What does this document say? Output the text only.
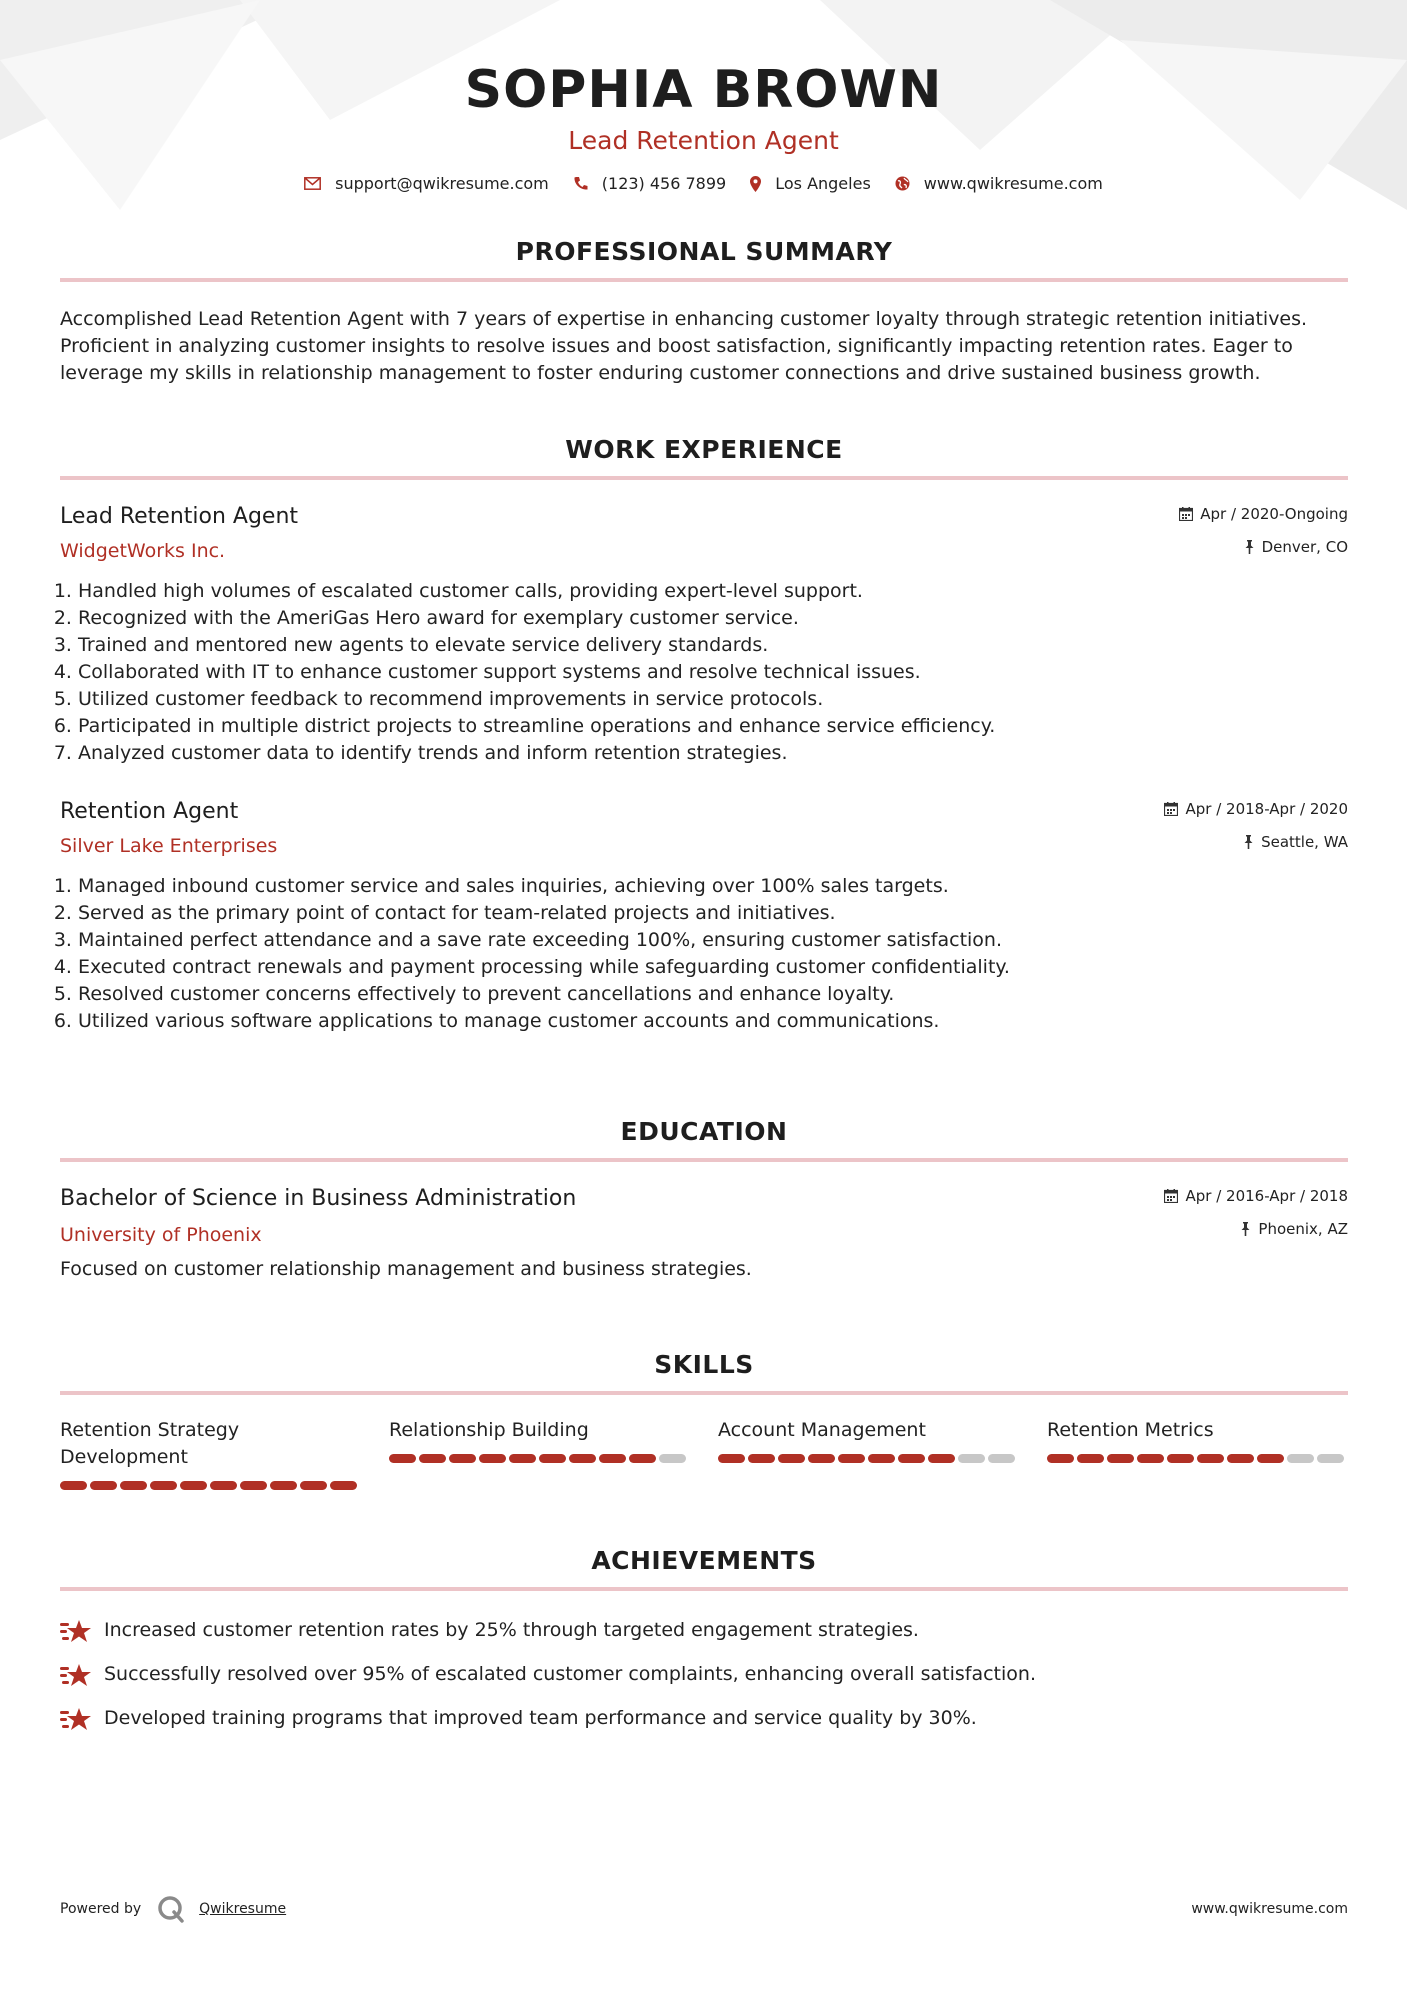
SOPHIA BROWN
Lead Retention Agent
support@qwikresume.com	(123) 456 7899	Los Angeles	www.qwikresume.com
PROFESSIONAL SUMMARY

Accomplished Lead Retention Agent with 7 years of expertise in enhancing customer loyalty through strategic retention initiatives. Proficient in analyzing customer insights to resolve issues and boost satisfaction, significantly impacting retention rates. Eager to leverage my skills in relationship management to foster enduring customer connections and drive sustained business growth.

WORK EXPERIENCE
Lead Retention Agent
WidgetWorks Inc.
Apr / 2020-Ongoing
Denver, CO
1. Handled high volumes of escalated customer calls, providing expert-level support.
2. Recognized with the AmeriGas Hero award for exemplary customer service.
3. Trained and mentored new agents to elevate service delivery standards.
4. Collaborated with IT to enhance customer support systems and resolve technical issues.
5. Utilized customer feedback to recommend improvements in service protocols.
6. Participated in multiple district projects to streamline operations and enhance service efficiency.
7. Analyzed customer data to identify trends and inform retention strategies.
Retention Agent
Silver Lake Enterprises
Apr / 2018-Apr / 2020
Seattle, WA
1. Managed inbound customer service and sales inquiries, achieving over 100% sales targets.
2. Served as the primary point of contact for team-related projects and initiatives.
3. Maintained perfect attendance and a save rate exceeding 100%, ensuring customer satisfaction.
4. Executed contract renewals and payment processing while safeguarding customer confidentiality.
5. Resolved customer concerns effectively to prevent cancellations and enhance loyalty.
6. Utilized various software applications to manage customer accounts and communications.
EDUCATION
Bachelor of Science in Business Administration
University of Phoenix
Apr / 2016-Apr / 2018
Phoenix, AZ

Focused on customer relationship management and business strategies.

SKILLS
Retention Strategy Development
Relationship Building	Account Management	Retention Metrics
ACHIEVEMENTS
Increased customer retention rates by 25% through targeted engagement strategies.
Successfully resolved over 95% of escalated customer complaints, enhancing overall satisfaction.
Developed training programs that improved team performance and service quality by 30%.
Powered by	Qwikresume	www.qwikresume.com
